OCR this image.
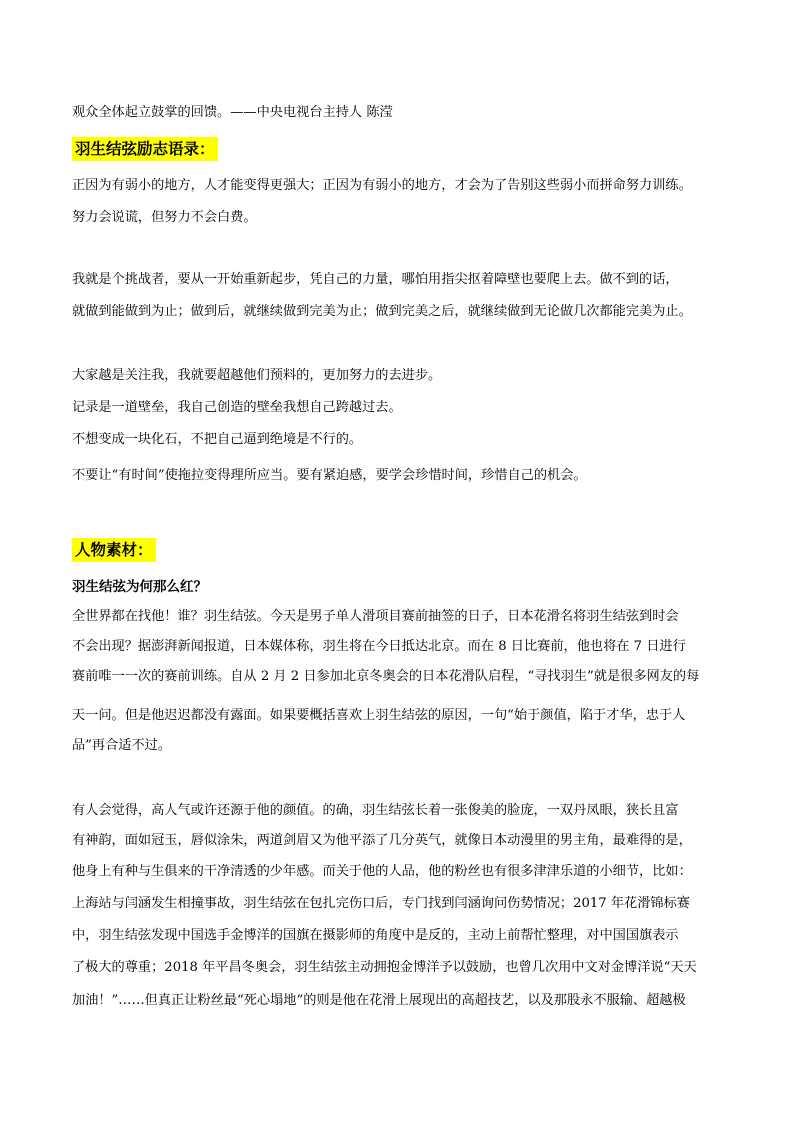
观众全体起立鼓掌的回馈。——中央电视台主持人 陈滢
羽生结弦励志语录：
正因为有弱小的地方，人才能变得更强大；正因为有弱小的地方，才会为了告别这些弱小而拼命努力训练。
努力会说谎，但努力不会白费。
我就是个挑战者，要从一开始重新起步，凭自己的力量，哪怕用指尖抠着障壁也要爬上去。做不到的话，
就做到能做到为止；做到后，就继续做到完美为止；做到完美之后，就继续做到无论做几次都能完美为止。
大家越是关注我，我就要超越他们预料的，更加努力的去进步。
记录是一道壁垒，我自己创造的壁垒我想自己跨越过去。
不想变成一块化石，不把自己逼到绝境是不行的。
不要让“有时间”使拖拉变得理所应当。要有紧迫感，要学会珍惜时间，珍惜自己的机会。
人物素材：
羽生结弦为何那么红？
全世界都在找他！谁？羽生结弦。今天是男子单人滑项目赛前抽签的日子，日本花滑名将羽生结弦到时会
不会出现？据澎湃新闻报道，日本媒体称，羽生将在今日抵达北京。而在 8 日比赛前，他也将在 7 日进行
赛前唯一一次的赛前训练。自从 2 月 2 日参加北京冬奥会的日本花滑队启程，“寻找羽生”就是很多网友的每
天一问。但是他迟迟都没有露面。如果要概括喜欢上羽生结弦的原因，一句“始于颜值，陷于才华，忠于人
品”再合适不过。
有人会觉得，高人气或许还源于他的颜值。的确，羽生结弦长着一张俊美的脸庞，一双丹凤眼，狭长且富
有神韵，面如冠玉，唇似涂朱，两道剑眉又为他平添了几分英气，就像日本动漫里的男主角，最难得的是，
他身上有种与生俱来的干净清透的少年感。而关于他的人品，他的粉丝也有很多津津乐道的小细节，比如：
上海站与闫涵发生相撞事故，羽生结弦在包扎完伤口后，专门找到闫涵询问伤势情况；2017 年花滑锦标赛
中，羽生结弦发现中国选手金博洋的国旗在摄影师的角度中是反的，主动上前帮忙整理，对中国国旗表示
了极大的尊重；2018 年平昌冬奥会，羽生结弦主动拥抱金博洋予以鼓励，也曾几次用中文对金博洋说“天天
加油！”……但真正让粉丝最“死心塌地”的则是他在花滑上展现出的高超技艺，以及那股永不服输、超越极
